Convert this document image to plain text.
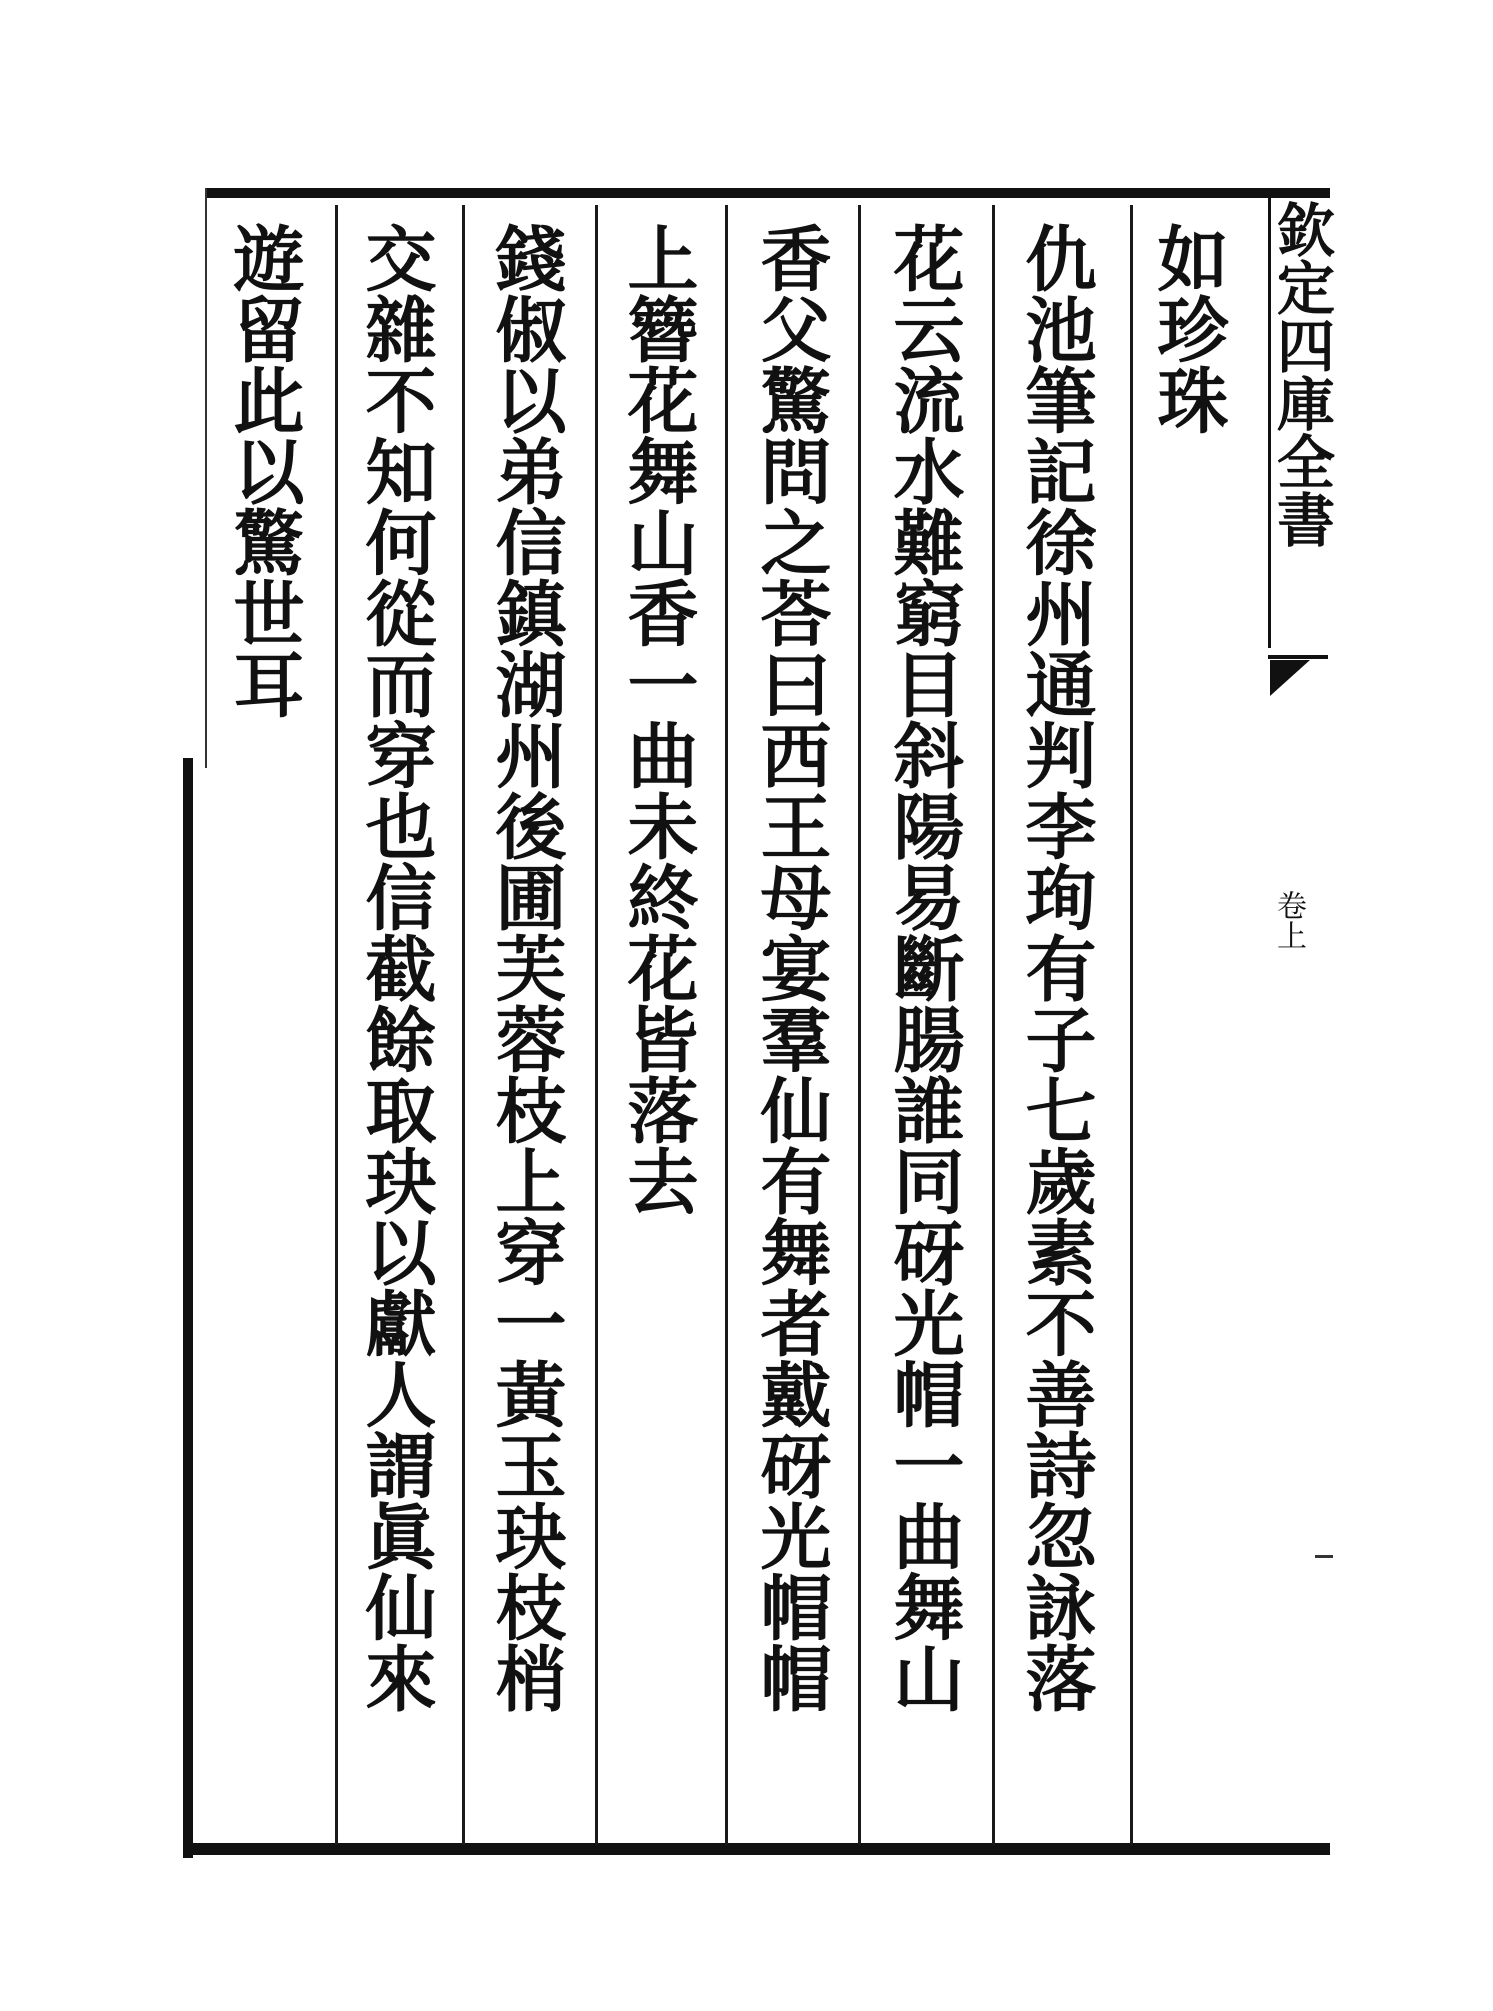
欽定四庫全書
卷上
如珍珠
仇池筆記徐州通判李珣有子七歲素不善詩忽詠落
花云流水難窮目斜陽易斷腸誰同砑光帽一曲舞山
香父驚問之荅曰西王母宴羣仙有舞者戴砑光帽帽
上簪花舞山香一曲未終花皆落去
錢俶以弟信鎮湖州後圃芙蓉枝上穿一黃玉玦枝梢
交雜不知何從而穿也信截餘取玦以獻人謂眞仙來
遊留此以驚世耳
